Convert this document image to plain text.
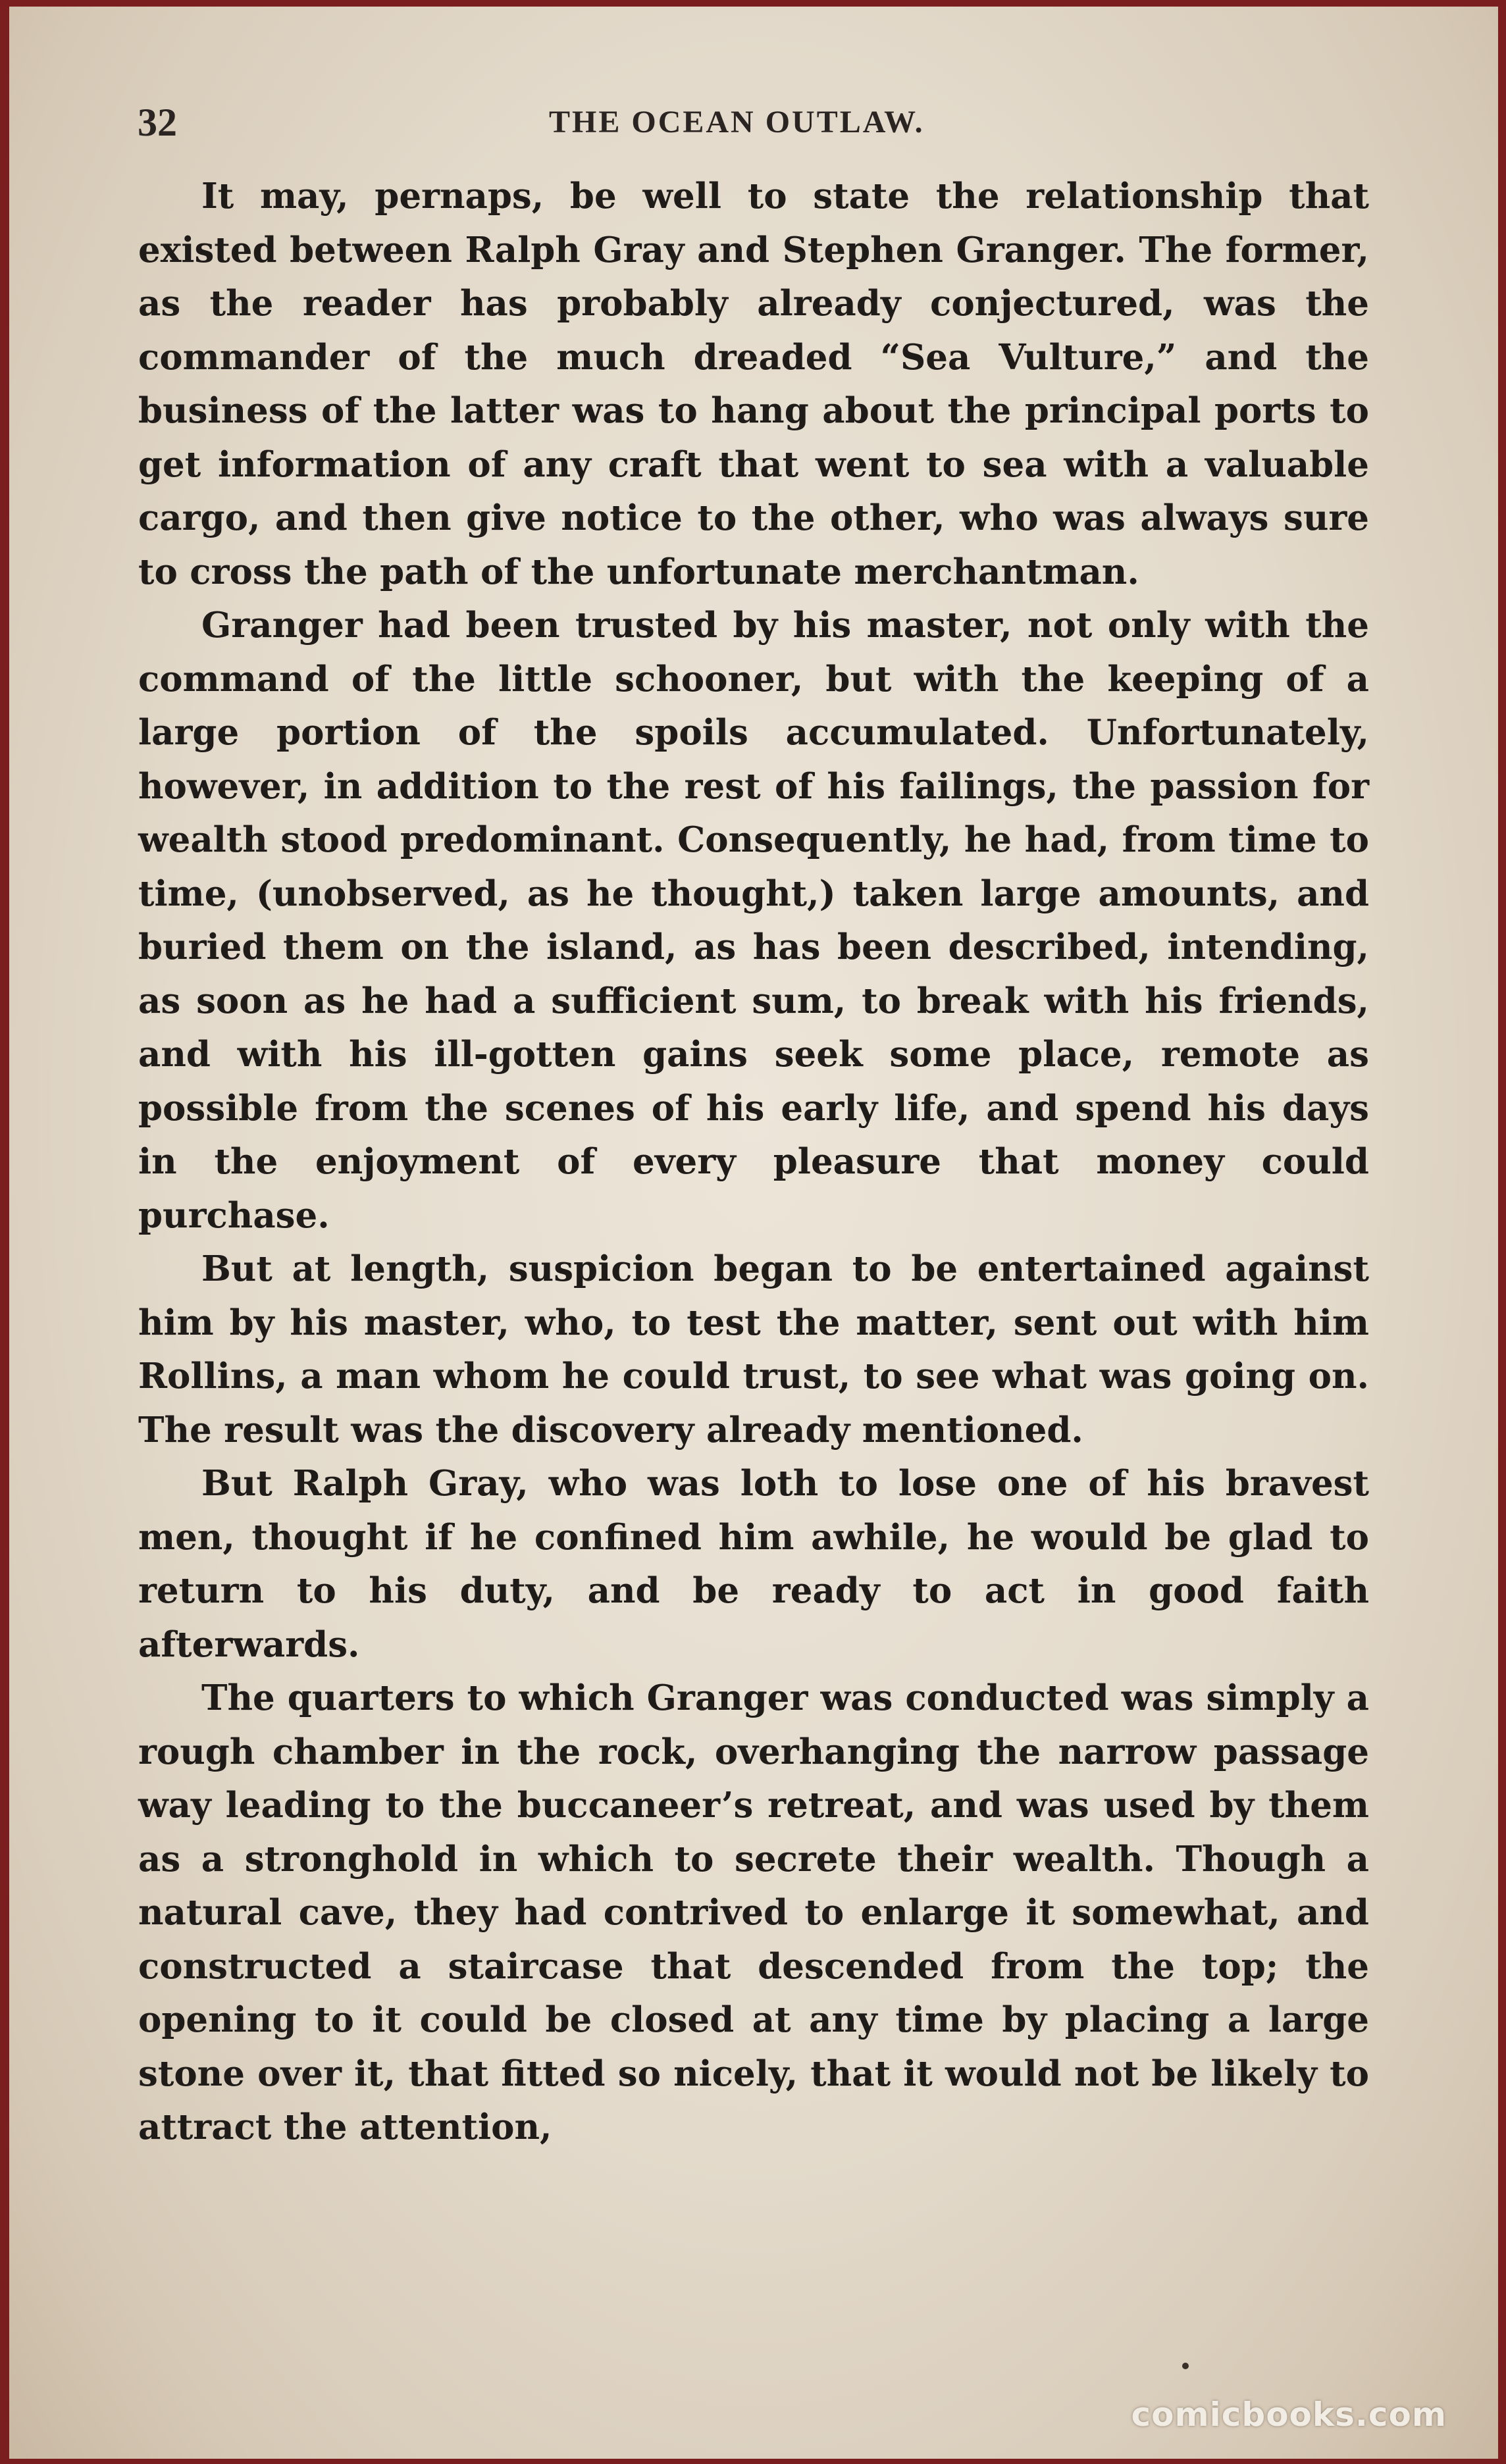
32	THE OCEAN OUTLAW.

It may, pernaps, be well to state the relationship that existed between Ralph Gray and Stephen Granger. The former, as the reader has probably already conjectured, was the commander of the much dreaded “Sea Vulture,” and the business of the latter was to hang about the principal ports to get information of any craft that went to sea with a valuable cargo, and then give notice to the other, who was always sure to cross the path of the unfortunate merchantman.

Granger had been trusted by his master, not only with the command of the little schooner, but with the keeping of a large portion of the spoils accumulated. Unfortunately, however, in addition to the rest of his failings, the passion for wealth stood predominant. Consequently, he had, from time to time, (unobserved, as he thought,) taken large amounts, and buried them on the island, as has been described, intending, as soon as he had a sufficient sum, to break with his friends, and with his ill-gotten gains seek some place, remote as possible from the scenes of his early life, and spend his days in the enjoyment of every pleasure that money could purchase.

But at length, suspicion began to be entertained against him by his master, who, to test the matter, sent out with him Rollins, a man whom he could trust, to see what was going on. The result was the discovery already mentioned.

But Ralph Gray, who was loth to lose one of his bravest men, thought if he confined him awhile, he would be glad to return to his duty, and be ready to act in good faith afterwards.

The quarters to which Granger was conducted was simply a rough chamber in the rock, overhanging the narrow passage way leading to the buccaneer’s retreat, and was used by them as a stronghold in which to secrete their wealth. Though a natural cave, they had contrived to enlarge it somewhat, and constructed a staircase that descended from the top; the opening to it could be closed at any time by placing a large stone over it, that fitted so nicely, that it would not be likely to attract the attention,

comicbooks.com
